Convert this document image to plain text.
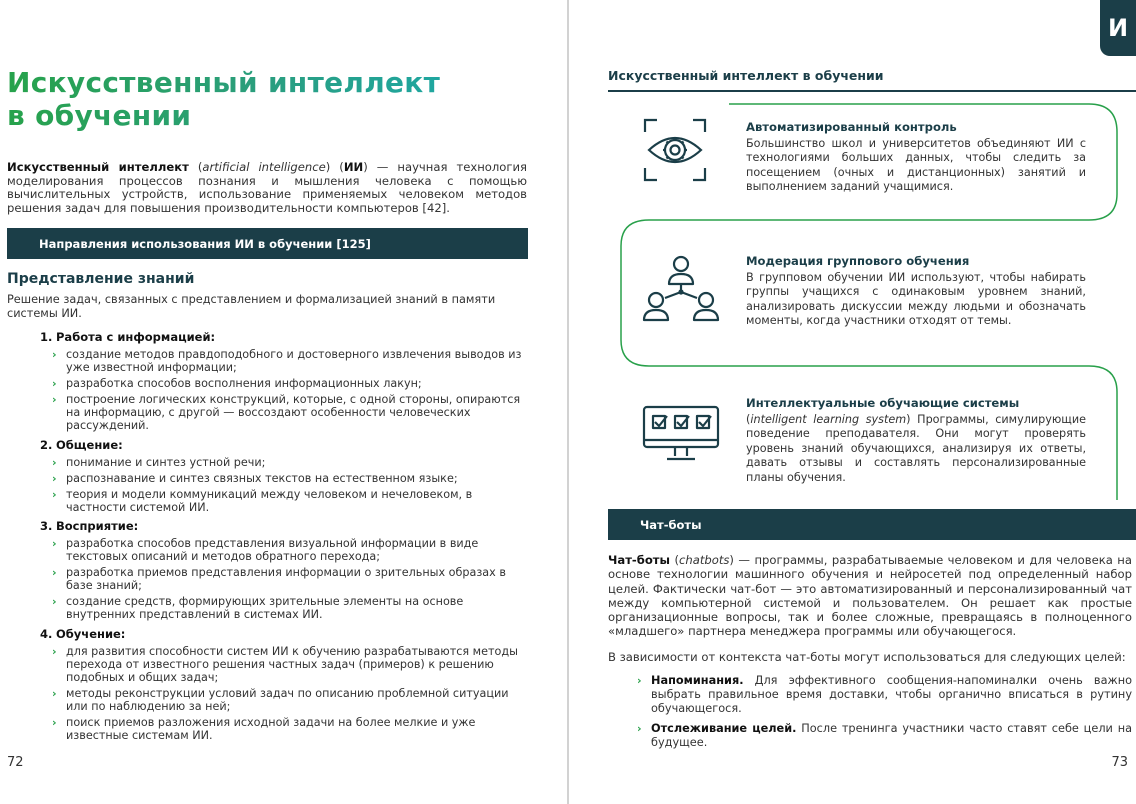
Искусственный интеллект
в обучении

Искусственный интеллект (artificial intelligence) (ИИ) — научная технология моделирования процессов познания и мышления человека с помощью вычислительных устройств, использование применяемых человеком методов решения задач для повышения производительности компьютеров [42].

Направления использования ИИ в обучении [125]
Представление знаний

Решение задач, связанных с представлением и формализацией знаний в памяти системы ИИ.

1. Работа с информацией:

› создание методов правдоподобного и достоверного извлечения выводов из уже известной информации;
› разработка способов восполнения информационных лакун;
› построение логических конструкций, которые, с одной стороны, опираются на информацию, с другой — воссоздают особенности человеческих рассуждений.

2. Общение:

› понимание и синтез устной речи;
› распознавание и синтез связных текстов на естественном языке;
› теория и модели коммуникаций между человеком и нечеловеком, в частности системой ИИ.

3. Восприятие:

› разработка способов представления визуальной информации в виде текстовых описаний и методов обратного перехода;
› разработка приемов представления информации о зрительных образах в базе знаний;
› создание средств, формирующих зрительные элементы на основе внутренних представлений в системах ИИ.

4. Обучение:

› для развития способности систем ИИ к обучению разрабатываются методы перехода от известного решения частных задач (примеров) к решению подобных и общих задач;
› методы реконструкции условий задач по описанию проблемной ситуации или по наблюдению за ней;
› поиск приемов разложения исходной задачи на более мелкие и уже известные системам ИИ.
72
И
Искусственный интеллект в обучении

Автоматизированный контроль

Большинство школ и университетов объединяют ИИ с технологиями больших данных, чтобы следить за посещением (очных и дистанционных) занятий и выполнением заданий учащимися.

Модерация группового обучения

В групповом обучении ИИ используют, чтобы набирать группы учащихся с одинаковым уровнем знаний, анализировать дискуссии между людьми и обозначать моменты, когда участники отходят от темы.

Интеллектуальные обучающие системы

(intelligent learning system) Программы, симулирующие поведение преподавателя. Они могут проверять уровень знаний обучающихся, анализируя их ответы, давать отзывы и составлять персонализированные планы обучения.

Чат-боты

Чат-боты (chatbots) — программы, разрабатываемые человеком и для человека на основе технологии машинного обучения и нейросетей под определенный набор целей. Фактически чат-бот — это автоматизированный и персонализированный чат между компьютерной системой и пользователем. Он решает как простые организационные вопросы, так и более сложные, превращаясь в полноценного «младшего» партнера менеджера программы или обучающегося.

В зависимости от контекста чат-боты могут использоваться для следующих целей:

› Напоминания. Для эффективного сообщения-напоминалки очень важно выбрать правильное время доставки, чтобы органично вписаться в рутину обучающегося.
› Отслеживание целей. После тренинга участники часто ставят себе цели на будущее.
73
